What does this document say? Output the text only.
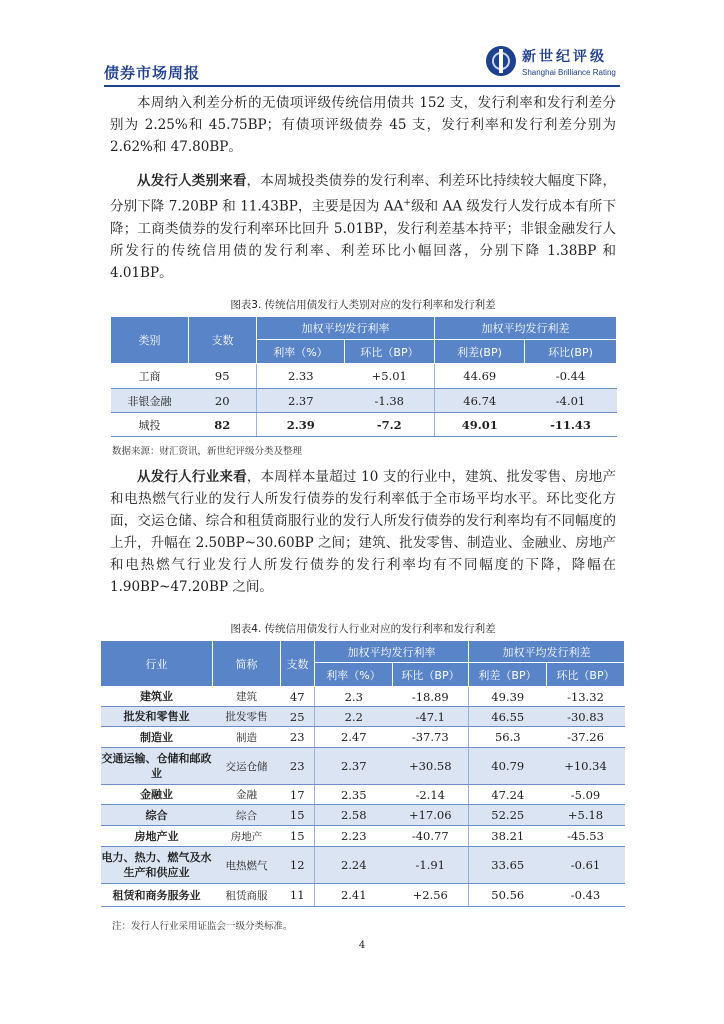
债券市场周报
新世纪评级
Shanghai Brilliance Rating

本周纳入利差分析的无债项评级传统信用债共 152 支，发行利率和发行利差分别为 2.25%和 45.75BP；有债项评级债券 45 支，发行利率和发行利差分别为 2.62%和 47.80BP。

从发行人类别来看，本周城投类债券的发行利率、利差环比持续较大幅度下降，分别下降 7.20BP 和 11.43BP，主要是因为 AA+级和 AA 级发行人发行成本有所下降；工商类债券的发行利率环比回升 5.01BP，发行利差基本持平；非银金融发行人所发行的传统信用债的发行利率、利差环比小幅回落，分别下降 1.38BP 和 4.01BP。

图表3. 传统信用债发行人类别对应的发行利率和发行利差
类别	支数	加权平均发行利率		加权平均发行利差	
		利率（%）	环比（BP）	利差(BP)	环比(BP)
工商	95	2.33	+5.01	44.69	-0.44
非银金融	20	2.37	-1.38	46.74	-4.01
城投	82	2.39	-7.2	49.01	-11.43
数据来源：财汇资讯，新世纪评级分类及整理

从发行人行业来看，本周样本量超过 10 支的行业中，建筑、批发零售、房地产和电热燃气行业的发行人所发行债券的发行利率低于全市场平均水平。环比变化方面，交运仓储、综合和租赁商服行业的发行人所发行债券的发行利率均有不同幅度的上升，升幅在 2.50BP~30.60BP 之间；建筑、批发零售、制造业、金融业、房地产和电热燃气行业发行人所发行债券的发行利率均有不同幅度的下降，降幅在 1.90BP~47.20BP 之间。

图表4. 传统信用债发行人行业对应的发行利率和发行利差
行业	简称	支数	加权平均发行利率		加权平均发行利差	
			利率（%）	环比（BP）	利差（BP）	环比（BP）
建筑业	建筑	47	2.3	-18.89	49.39	-13.32
批发和零售业	批发零售	25	2.2	-47.1	46.55	-30.83
制造业	制造	23	2.47	-37.73	56.3	-37.26
交通运输、仓储和邮政业	交运仓储	23	2.37	+30.58	40.79	+10.34
金融业	金融	17	2.35	-2.14	47.24	-5.09
综合	综合	15	2.58	+17.06	52.25	+5.18
房地产业	房地产	15	2.23	-40.77	38.21	-45.53
电力、热力、燃气及水生产和供应业	电热燃气	12	2.24	-1.91	33.65	-0.61
租赁和商务服务业	租赁商服	11	2.41	+2.56	50.56	-0.43
注：发行人行业采用证监会一级分类标准。
4
